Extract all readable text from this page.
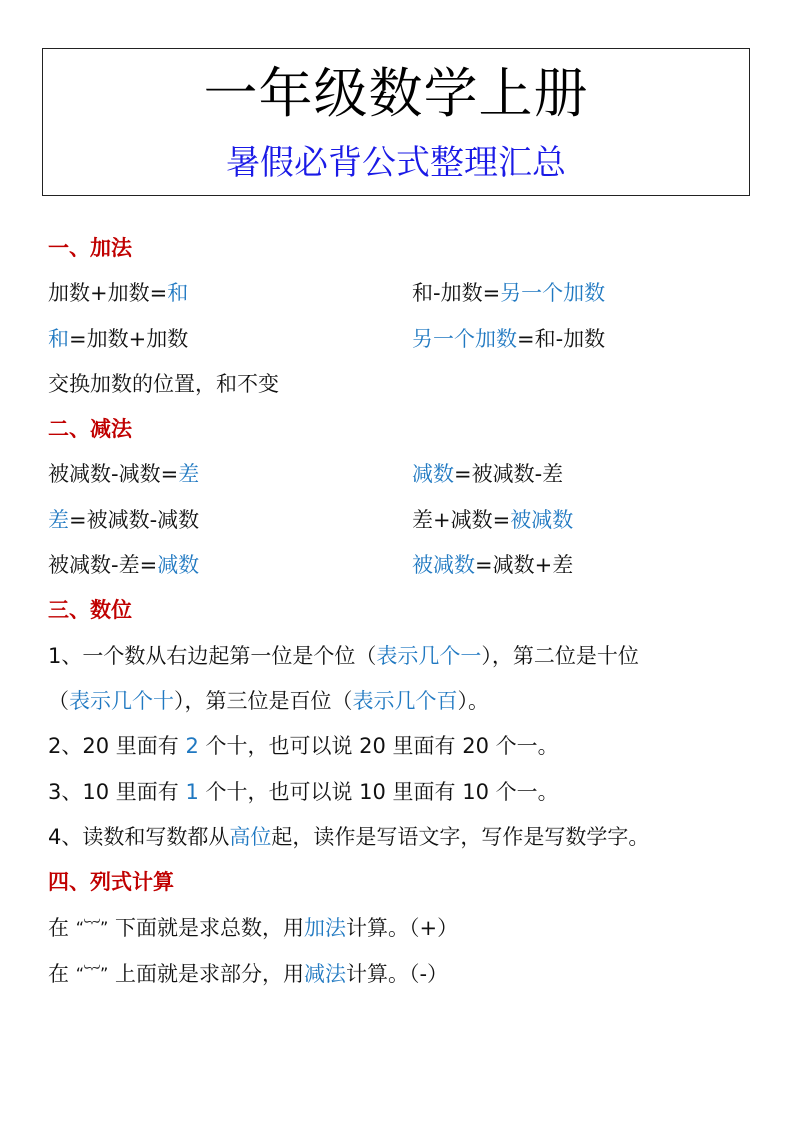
一年级数学上册
暑假必背公式整理汇总
一、加法
加数+加数=和	和-加数=另一个加数
和=加数+加数	另一个加数=和-加数
交换加数的位置，和不变
二、减法
被减数-减数=差	减数=被减数-差
差=被减数-减数	差+减数=被减数
被减数-差=减数	被减数=减数+差
三、数位
1、一个数从右边起第一位是个位（表示几个一），第二位是十位
（表示几个十），第三位是百位（表示几个百）。
2、20 里面有 2 个十，也可以说 20 里面有 20 个一。
3、10 里面有 1 个十，也可以说 10 里面有 10 个一。
4、读数和写数都从高位起，读作是写语文字，写作是写数学字。
四、列式计算
在 “︸” 下面就是求总数，用加法计算。（+）
在 “︸” 上面就是求部分，用减法计算。（-）
